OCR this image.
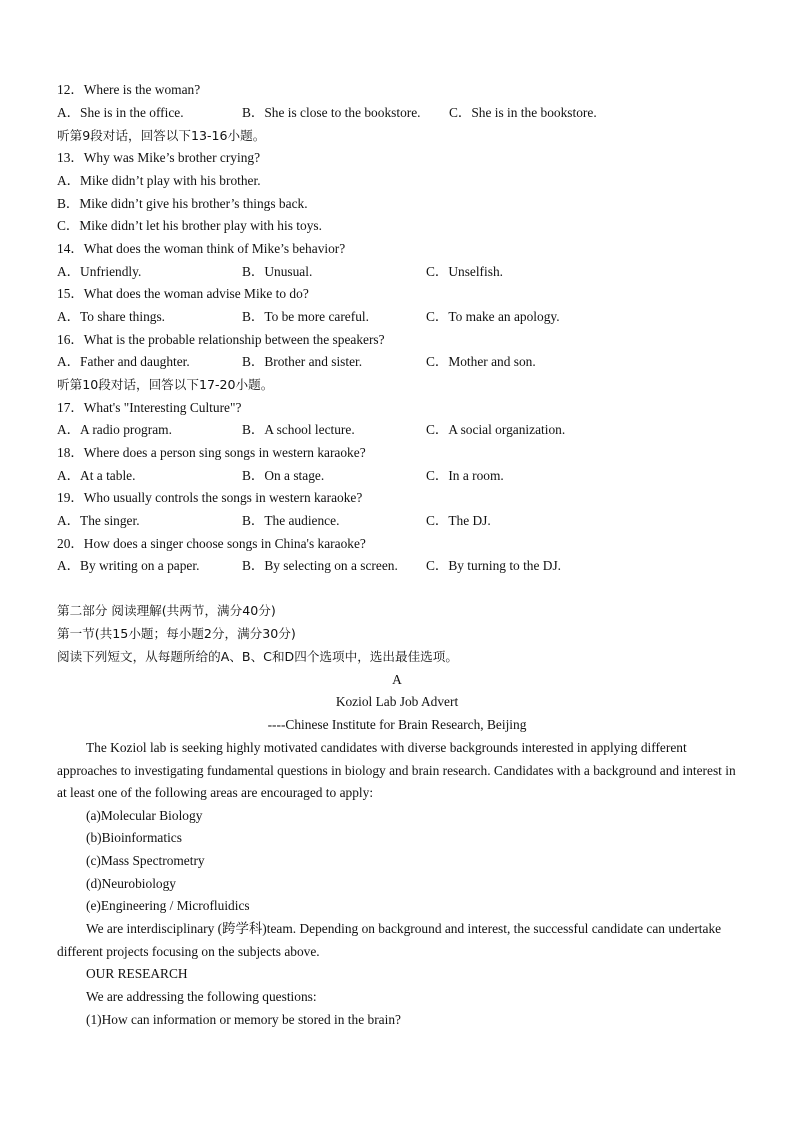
12．Where is the woman?
A．She is in the office.	B．She is close to the bookstore. C．She is in the bookstore.
听第9段对话，回答以下13-16小题。
13．Why was Mike’s brother crying?
A．Mike didn’t play with his brother.
B．Mike didn’t give his brother’s things back.
C．Mike didn’t let his brother play with his toys.
14．What does the woman think of Mike’s behavior?
A．Unfriendly.	B．Unusual.	C．Unselfish.
15．What does the woman advise Mike to do?
A．To share things.	B．To be more careful.	C．To make an apology.
16．What is the probable relationship between the speakers?
A．Father and daughter.	B．Brother and sister.	C．Mother and son.
听第10段对话，回答以下17-20小题。
17．What's "Interesting Culture"?
A．A radio program.	B．A school lecture.	C．A social organization.
18．Where does a person sing songs in western karaoke?
A．At a table.	B．On a stage.	C．In a room.
19．Who usually controls the songs in western karaoke?
A．The singer.	B．The audience.	C．The DJ.
20．How does a singer choose songs in China's karaoke?
A．By writing on a paper.	B．By selecting on a screen. C．By turning to the DJ.
第二部分 阅读理解(共两节，满分40分)
第一节(共15小题；每小题2分，满分30分)
阅读下列短文，从每题所给的A、B、C和D四个选项中，选出最佳选项。
A
Koziol Lab Job Advert
----Chinese Institute for Brain Research, Beijing
The Koziol lab is seeking highly motivated candidates with diverse backgrounds interested in applying different approaches to investigating fundamental questions in biology and brain research. Candidates with a background and interest in at least one of the following areas are encouraged to apply:
(a)Molecular Biology
(b)Bioinformatics
(c)Mass Spectrometry
(d)Neurobiology
(e)Engineering / Microfluidics
We are interdisciplinary (跨学科)team. Depending on background and interest, the successful candidate can undertake different projects focusing on the subjects above.
OUR RESEARCH
We are addressing the following questions:
(1)How can information or memory be stored in the brain?
